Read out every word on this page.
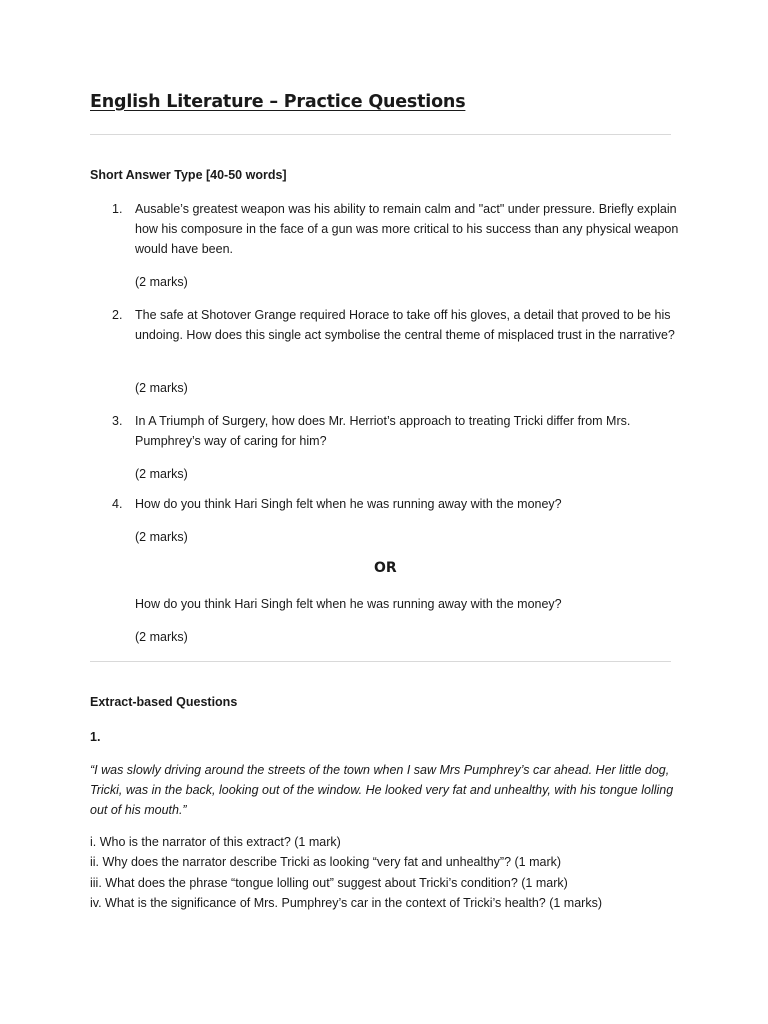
English Literature – Practice Questions
Short Answer Type [40-50 words]
1. Ausable’s greatest weapon was his ability to remain calm and "act" under pressure. Briefly explain how his composure in the face of a gun was more critical to his success than any physical weapon would have been.

(2 marks)
2. The safe at Shotover Grange required Horace to take off his gloves, a detail that proved to be his undoing. How does this single act symbolise the central theme of misplaced trust in the narrative?

(2 marks)
3. In A Triumph of Surgery, how does Mr. Herriot’s approach to treating Tricki differ from Mrs. Pumphrey’s way of caring for him?

(2 marks)
4. How do you think Hari Singh felt when he was running away with the money?

(2 marks)
OR

How do you think Hari Singh felt when he was running away with the money?

(2 marks)
Extract-based Questions
1.

“I was slowly driving around the streets of the town when I saw Mrs Pumphrey’s car ahead. Her little dog, Tricki, was in the back, looking out of the window. He looked very fat and unhealthy, with his tongue lolling out of his mouth.”

i. Who is the narrator of this extract? (1 mark)
ii. Why does the narrator describe Tricki as looking “very fat and unhealthy”? (1 mark)
iii. What does the phrase “tongue lolling out” suggest about Tricki’s condition? (1 mark)
iv. What is the significance of Mrs. Pumphrey’s car in the context of Tricki’s health? (1 marks)
